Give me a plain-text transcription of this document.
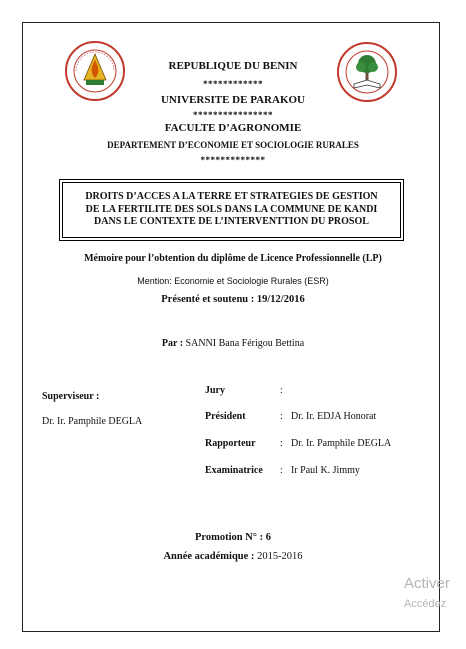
REPUBLIQUE DU BENIN
************
UNIVERSITE DE PARAKOU
****************
FACULTE D’AGRONOMIE
DEPARTEMENT D’ECONOMIE ET SOCIOLOGIE RURALES
*************
DROITS D’ACCES A LA TERRE ET STRATEGIES DE GESTION
DE LA FERTILITE DES SOLS DANS LA COMMUNE DE KANDI
DANS LE CONTEXTE DE L’INTERVENTTION DU PROSOL
Mémoire pour l’obtention du diplôme de Licence Professionnelle (LP)
Mention: Economie et Sociologie Rurales (ESR)
Présenté et soutenu : 19/12/2016
Par : SANNI Bana Férigou Bettina
Superviseur :
Dr. Ir. Pamphile DEGLA
Jury	:
Président	: Dr. Ir. EDJA Honorat
Rapporteur : Dr. Ir. Pamphile DEGLA
Examinatrice : Ir Paul K. Jimmy
Promotion N° : 6
Année académique : 2015-2016
Activer
Accédez
